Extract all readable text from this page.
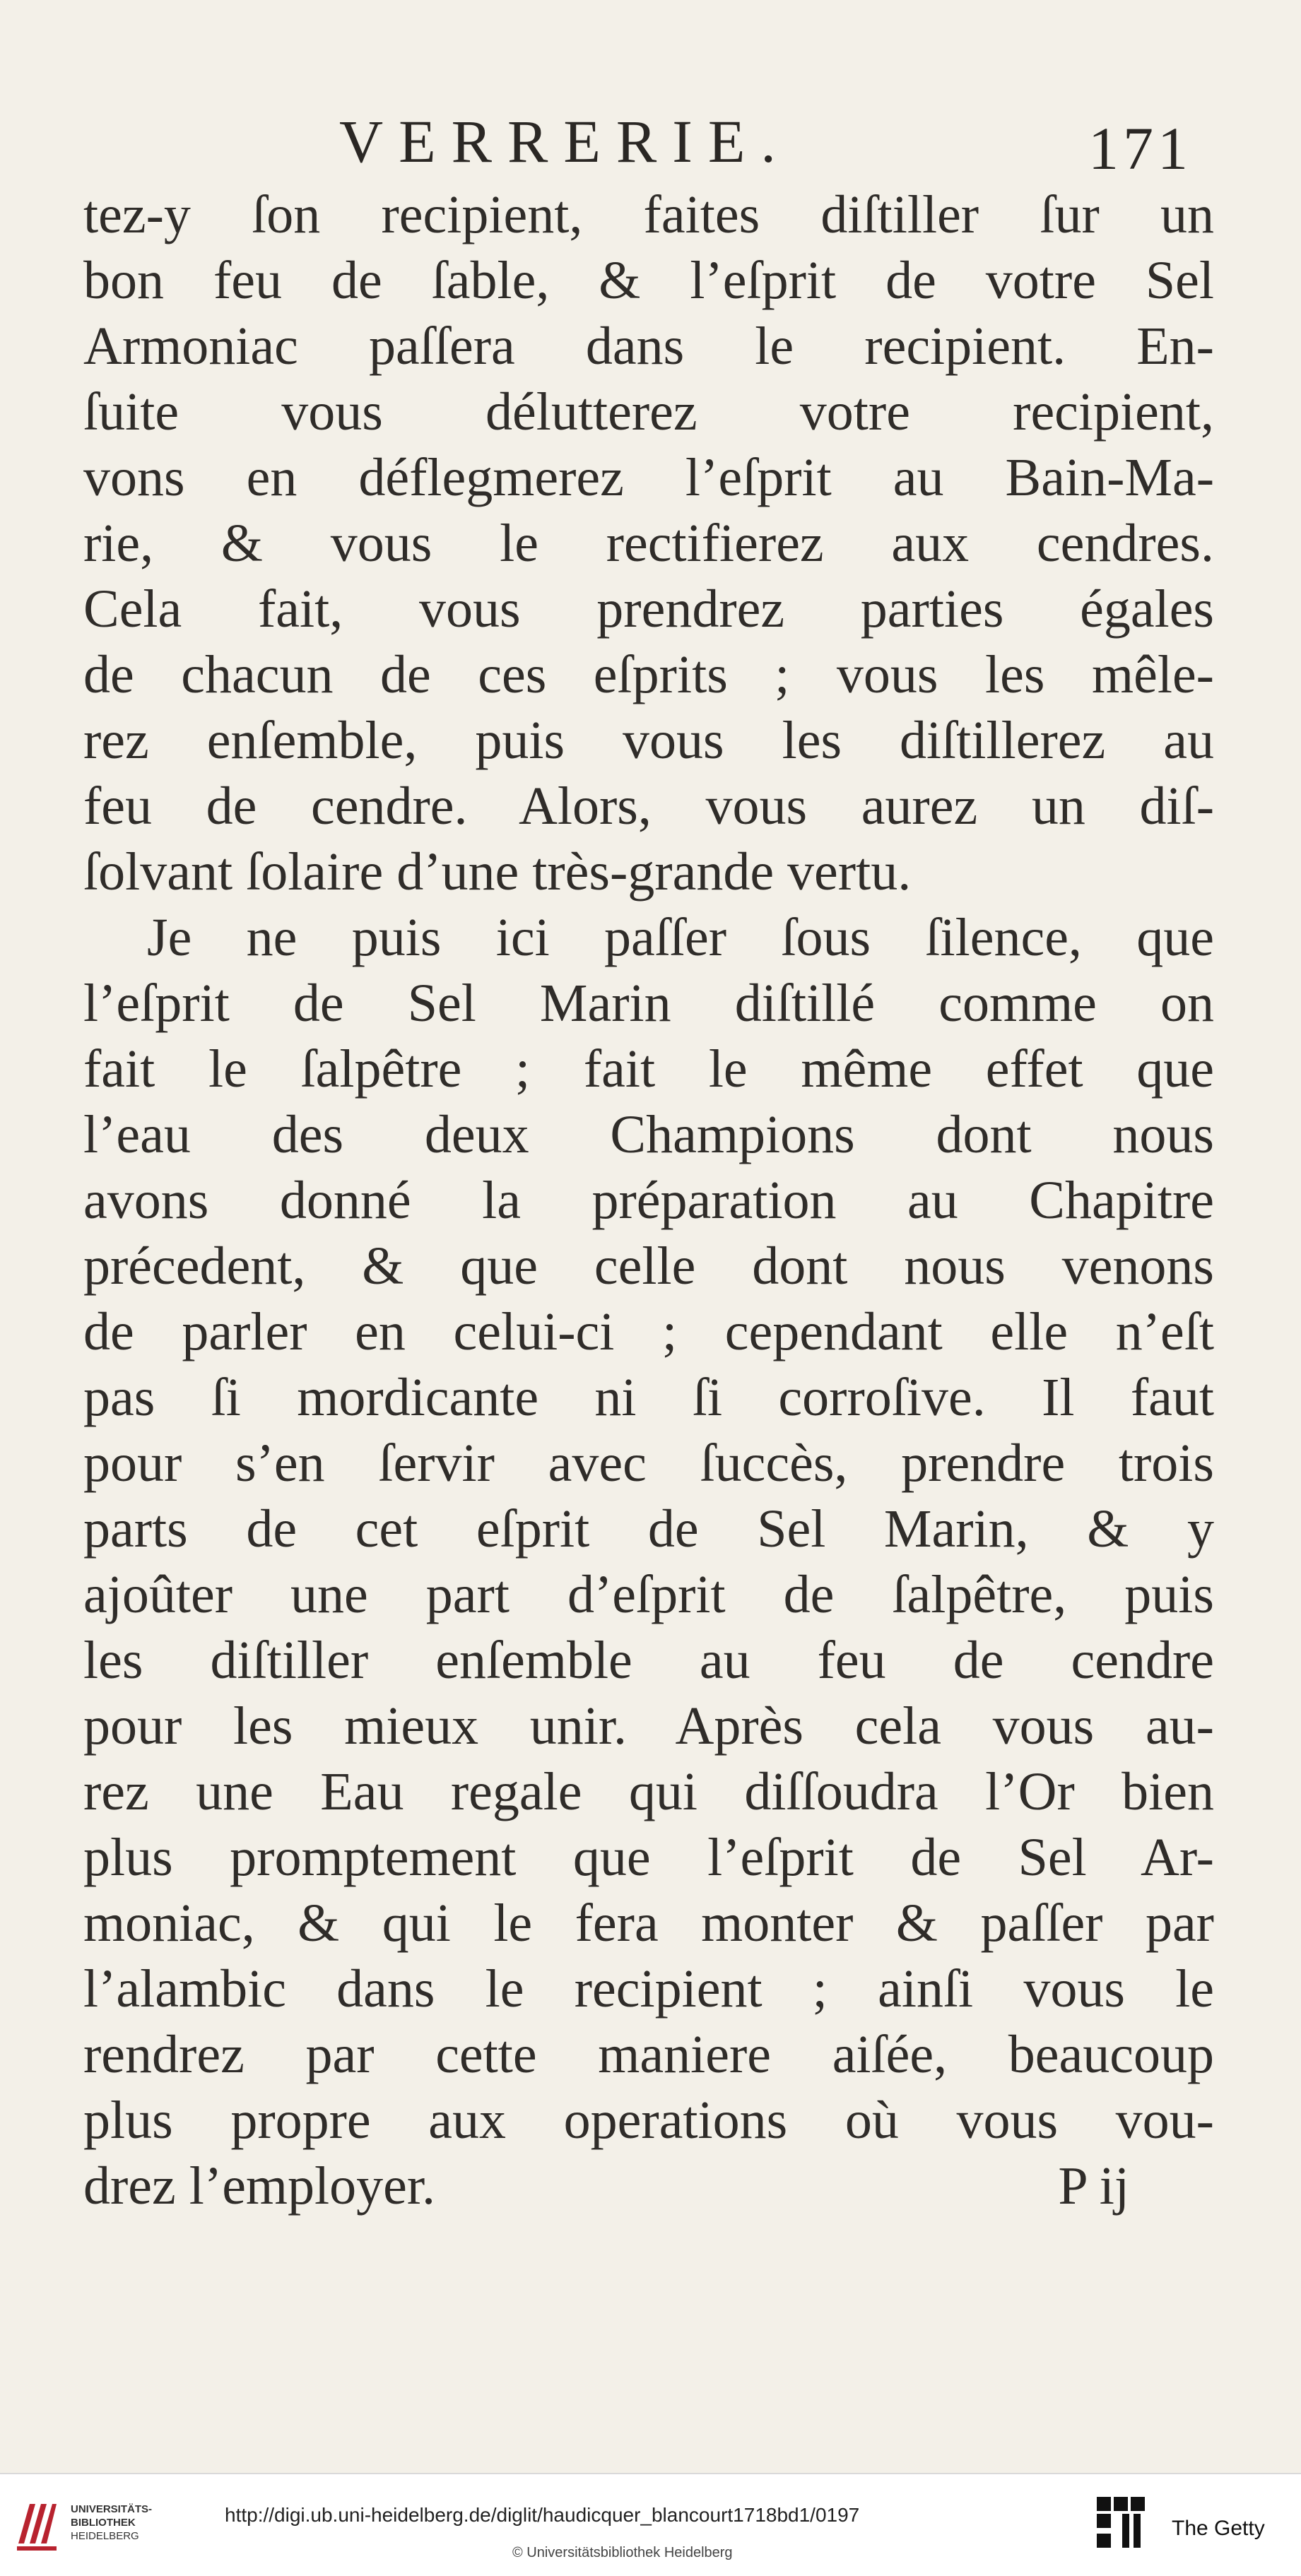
VERRERIE.	171
tez-y ſon recipient, faites diſtiller ſur un
bon feu de ſable, & l’eſprit de votre Sel
Armoniac paſſera dans le recipient. En-
ſuite vous délutterez votre recipient,
vons en déflegmerez l’eſprit au Bain-Ma-
rie, & vous le rectifierez aux cendres.
Cela fait, vous prendrez parties égales
de chacun de ces eſprits ; vous les mêle-
rez enſemble, puis vous les diſtillerez au
feu de cendre. Alors, vous aurez un diſ-
ſolvant ſolaire d’une très-grande vertu.
Je ne puis ici paſſer ſous ſilence, que
l’eſprit de Sel Marin diſtillé comme on
fait le ſalpêtre ; fait le même effet que
l’eau des deux Champions dont nous
avons donné la préparation au Chapitre
précedent, & que celle dont nous venons
de parler en celui-ci ; cependant elle n’eſt
pas ſi mordicante ni ſi corroſive. Il faut
pour s’en ſervir avec ſuccès, prendre trois
parts de cet eſprit de Sel Marin, & y
ajoûter une part d’eſprit de ſalpêtre, puis
les diſtiller enſemble au feu de cendre
pour les mieux unir. Après cela vous au-
rez une Eau regale qui diſſoudra l’Or bien
plus promptement que l’eſprit de Sel Ar-
moniac, & qui le fera monter & paſſer par
l’alambic dans le recipient ; ainſi vous le
rendrez par cette maniere aiſée, beaucoup
plus propre aux operations où vous vou-
drez l’employer.	P ij
UNIVERSITÄTS-
BIBLIOTHEK
HEIDELBERG
http://digi.ub.uni-heidelberg.de/diglit/haudicquer_blancourt1718bd1/0197
© Universitätsbibliothek Heidelberg
The Getty
